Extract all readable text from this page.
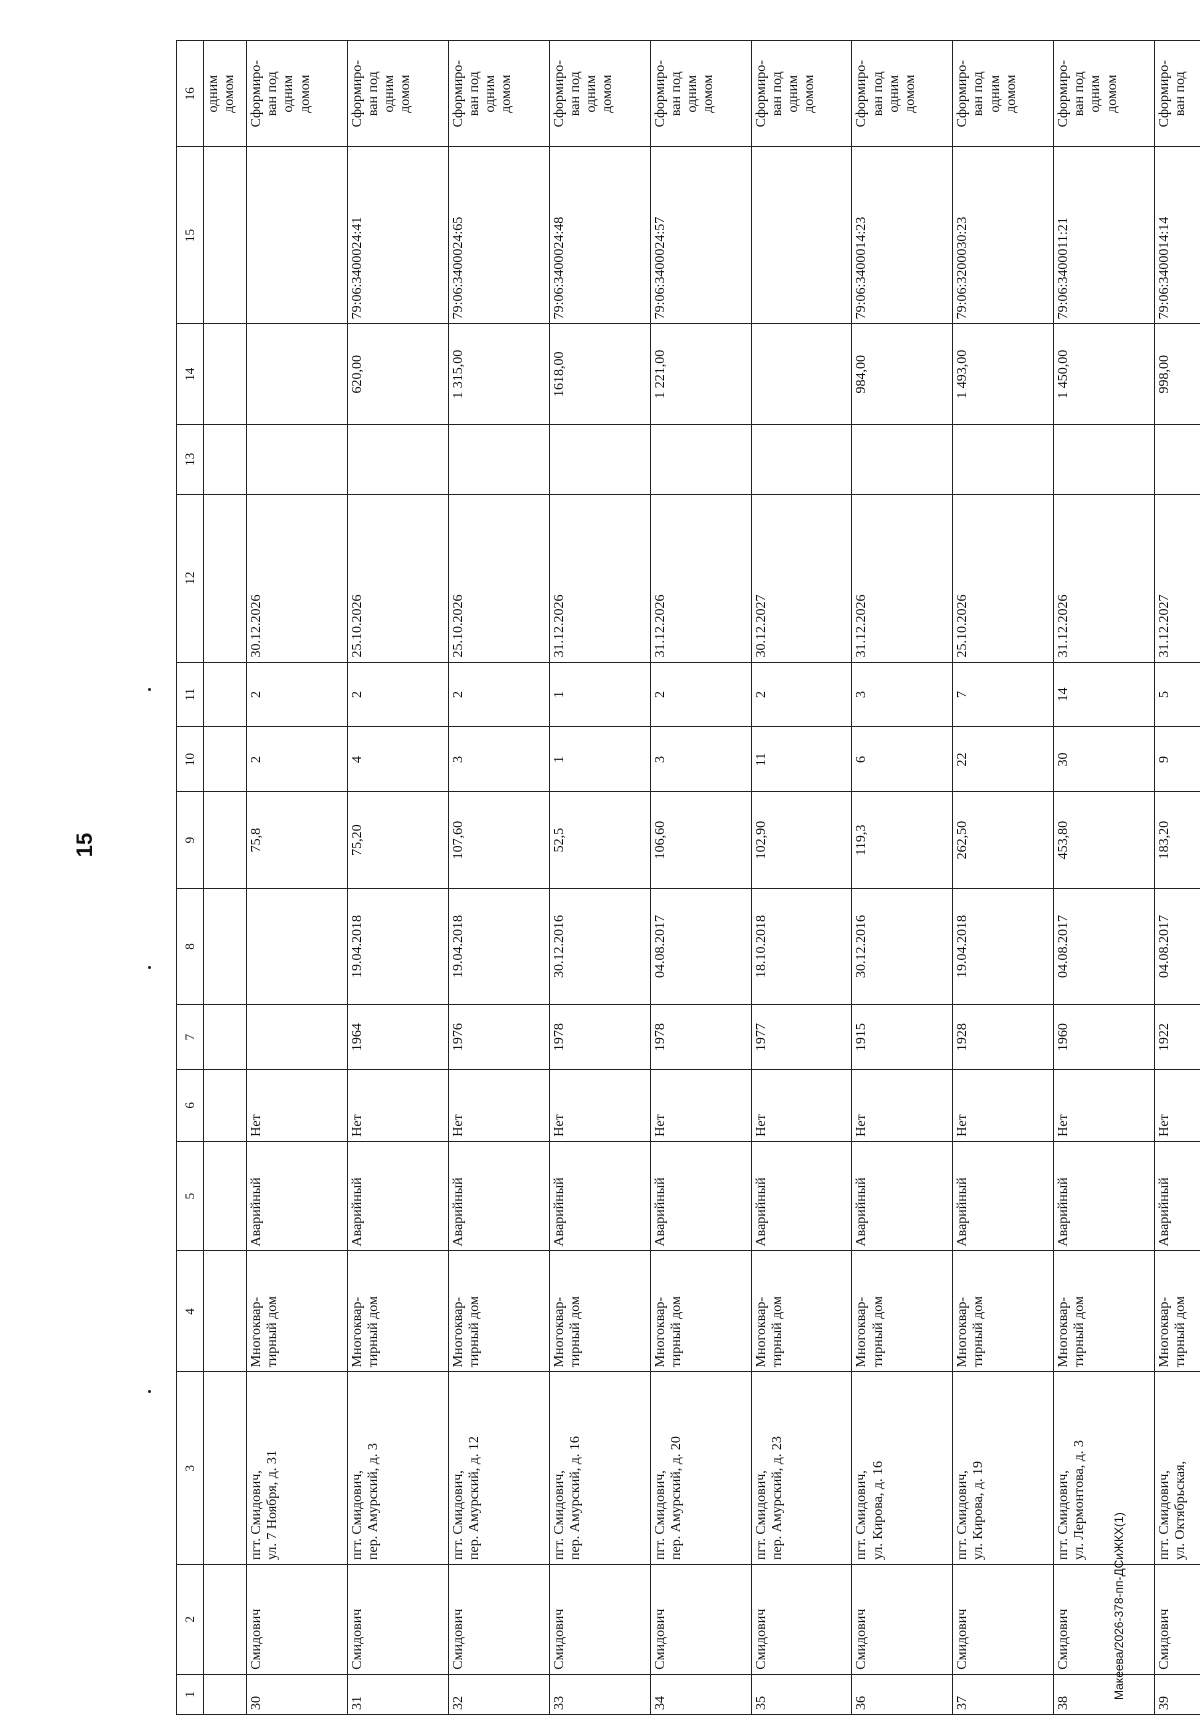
15
1	2	3	4	5	6	7	8	9	10	11	12	13	14	15	16
															одним
домом
30	Смидович	пгт. Смидович,
ул. 7 Ноября, д. 31	Многоквар-
тирный дом	Аварийный	Нет			75,8	2	2	30.12.2026				Сформиро-
ван под
одним
домом
31	Смидович	пгт. Смидович,
пер. Амурский, д. 3	Многоквар-
тирный дом	Аварийный	Нет	1964	19.04.2018	75,20	4	2	25.10.2026		620,00	79:06:3400024:41	Сформиро-
ван под
одним
домом
32	Смидович	пгт. Смидович,
пер. Амурский, д. 12	Многоквар-
тирный дом	Аварийный	Нет	1976	19.04.2018	107,60	3	2	25.10.2026		1 315,00	79:06:3400024:65	Сформиро-
ван под
одним
домом
33	Смидович	пгт. Смидович,
пер. Амурский, д. 16	Многоквар-
тирный дом	Аварийный	Нет	1978	30.12.2016	52,5	1	1	31.12.2026		1618,00	79:06:3400024:48	Сформиро-
ван под
одним
домом
34	Смидович	пгт. Смидович,
пер. Амурский, д. 20	Многоквар-
тирный дом	Аварийный	Нет	1978	04.08.2017	106,60	3	2	31.12.2026		1 221,00	79:06:3400024:57	Сформиро-
ван под
одним
домом
35	Смидович	пгт. Смидович,
пер. Амурский, д. 23	Многоквар-
тирный дом	Аварийный	Нет	1977	18.10.2018	102,90	11	2	30.12.2027				Сформиро-
ван под
одним
домом
36	Смидович	пгт. Смидович,
ул. Кирова, д. 16	Многоквар-
тирный дом	Аварийный	Нет	1915	30.12.2016	119,3	6	3	31.12.2026		984,00	79:06:3400014:23	Сформиро-
ван под
одним
домом
37	Смидович	пгт. Смидович,
ул. Кирова, д. 19	Многоквар-
тирный дом	Аварийный	Нет	1928	19.04.2018	262,50	22	7	25.10.2026		1 493,00	79:06:3200030:23	Сформиро-
ван под
одним
домом
38	Смидович	пгт. Смидович,
ул. Лермонтова, д. 3	Многоквар-
тирный дом	Аварийный	Нет	1960	04.08.2017	453,80	30	14	31.12.2026		1 450,00	79:06:3400011:21	Сформиро-
ван под
одним
домом
39	Смидович	пгт. Смидович,
ул. Октябрьская,	Многоквар-
тирный дом	Аварийный	Нет	1922	04.08.2017	183,20	9	5	31.12.2027		998,00	79:06:3400014:14	Сформиро-
ван под
Макеева/2026-378-пп-ДСиЖКХ(1)
